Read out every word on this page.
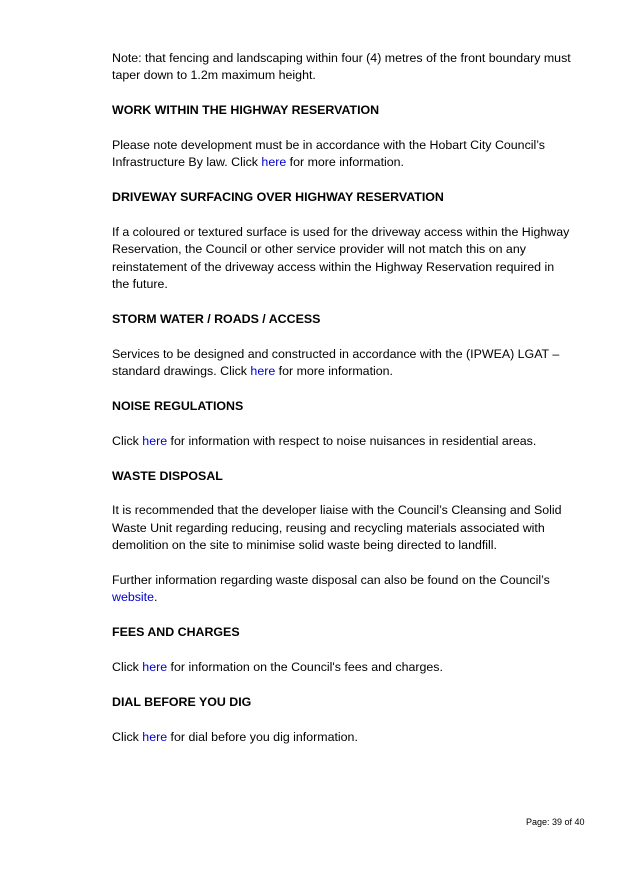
Note: that fencing and landscaping within four (4) metres of the front boundary must taper down to 1.2m maximum height.

WORK WITHIN THE HIGHWAY RESERVATION

Please note development must be in accordance with the Hobart City Council’s Infrastructure By law. Click here for more information.

DRIVEWAY SURFACING OVER HIGHWAY RESERVATION

If a coloured or textured surface is used for the driveway access within the Highway Reservation, the Council or other service provider will not match this on any reinstatement of the driveway access within the Highway Reservation required in the future.

STORM WATER / ROADS / ACCESS

Services to be designed and constructed in accordance with the (IPWEA) LGAT – standard drawings. Click here for more information.

NOISE REGULATIONS

Click here for information with respect to noise nuisances in residential areas.

WASTE DISPOSAL

It is recommended that the developer liaise with the Council’s Cleansing and Solid Waste Unit regarding reducing, reusing and recycling materials associated with demolition on the site to minimise solid waste being directed to landfill.

Further information regarding waste disposal can also be found on the Council’s website.

FEES AND CHARGES

Click here for information on the Council's fees and charges.

DIAL BEFORE YOU DIG

Click here for dial before you dig information.

Page: 39 of 40
